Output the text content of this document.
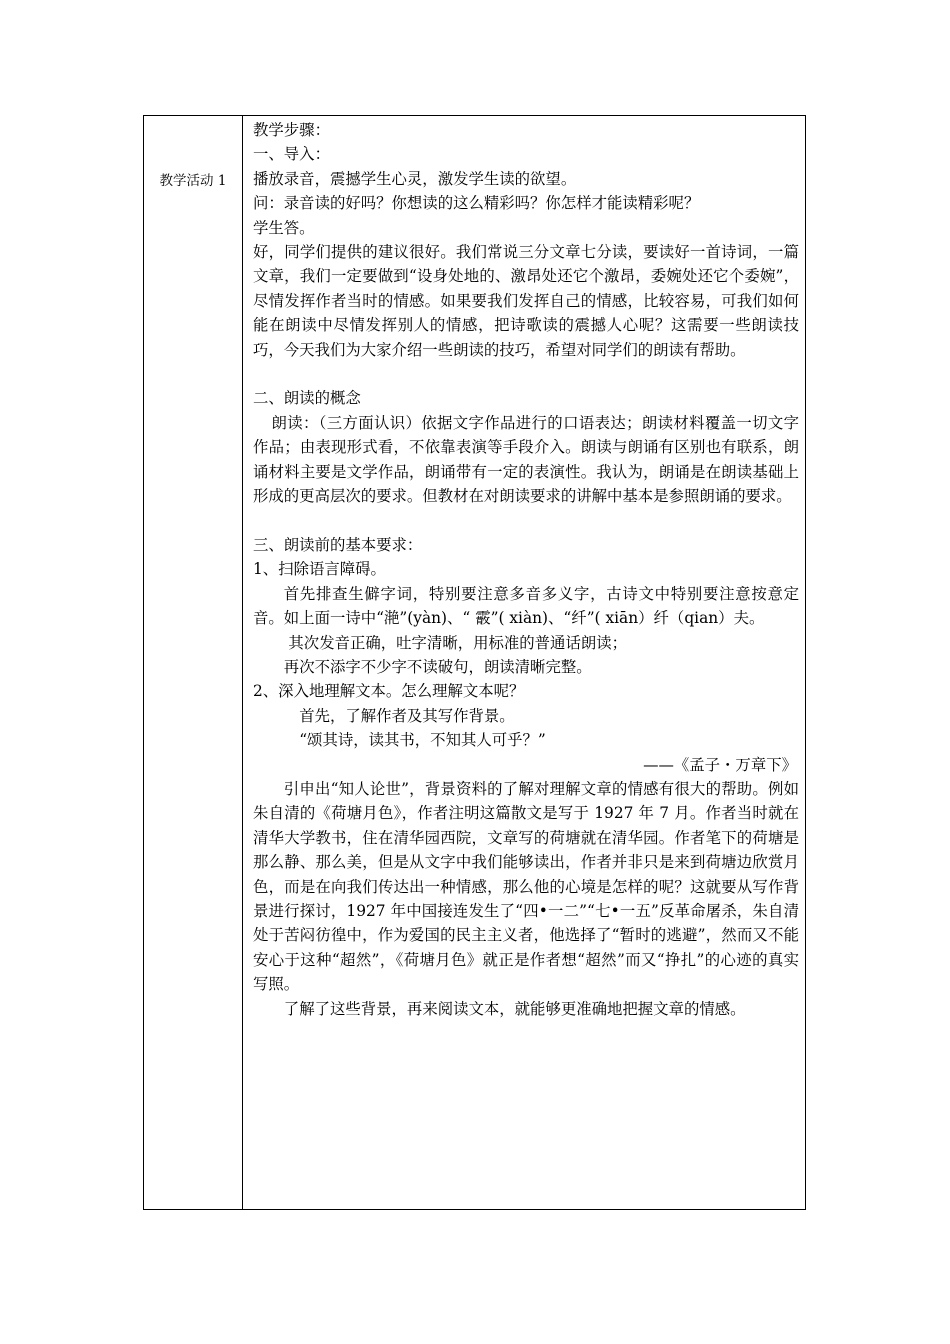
教学活动 1

教学步骤：

一、导入：

播放录音，震撼学生心灵，激发学生读的欲望。

问：录音读的好吗？你想读的这么精彩吗？你怎样才能读精彩呢？

学生答。

好，同学们提供的建议很好。我们常说三分文章七分读，要读好一首诗词，一篇文章，我们一定要做到“设身处地的、激昂处还它个激昂，委婉处还它个委婉”，尽情发挥作者当时的情感。如果要我们发挥自己的情感，比较容易，可我们如何能在朗读中尽情发挥别人的情感，把诗歌读的震撼人心呢？这需要一些朗读技巧，今天我们为大家介绍一些朗读的技巧，希望对同学们的朗读有帮助。

二、朗读的概念

朗读：（三方面认识）依据文字作品进行的口语表达；朗读材料覆盖一切文字作品；由表现形式看，不依靠表演等手段介入。朗读与朗诵有区别也有联系，朗诵材料主要是文学作品，朗诵带有一定的表演性。我认为，朗诵是在朗读基础上形成的更高层次的要求。但教材在对朗读要求的讲解中基本是参照朗诵的要求。

三、朗读前的基本要求：

1、扫除语言障碍。

首先排查生僻字词，特别要注意多音多义字，古诗文中特别要注意按意定音。如上面一诗中“滟”(yàn)、“ 霰”( xiàn)、“纤”( xiān）纤（qian）夫。

其次发音正确，吐字清晰，用标准的普通话朗读；

再次不添字不少字不读破句，朗读清晰完整。

2、深入地理解文本。怎么理解文本呢？

首先，了解作者及其写作背景。

“颂其诗，读其书，不知其人可乎？”

——《孟子・万章下》

引申出“知人论世”，背景资料的了解对理解文章的情感有很大的帮助。例如朱自清的《荷塘月色》，作者注明这篇散文是写于 1927 年 7 月。作者当时就在清华大学教书，住在清华园西院，文章写的荷塘就在清华园。作者笔下的荷塘是那么静、那么美，但是从文字中我们能够读出，作者并非只是来到荷塘边欣赏月色，而是在向我们传达出一种情感，那么他的心境是怎样的呢？这就要从写作背景进行探讨，1927 年中国接连发生了“四•一二”“七•一五”反革命屠杀，朱自清处于苦闷彷徨中，作为爱国的民主主义者，他选择了“暂时的逃避”，然而又不能安心于这种“超然”，《荷塘月色》就正是作者想“超然”而又“挣扎”的心迹的真实写照。

了解了这些背景，再来阅读文本，就能够更准确地把握文章的情感。
